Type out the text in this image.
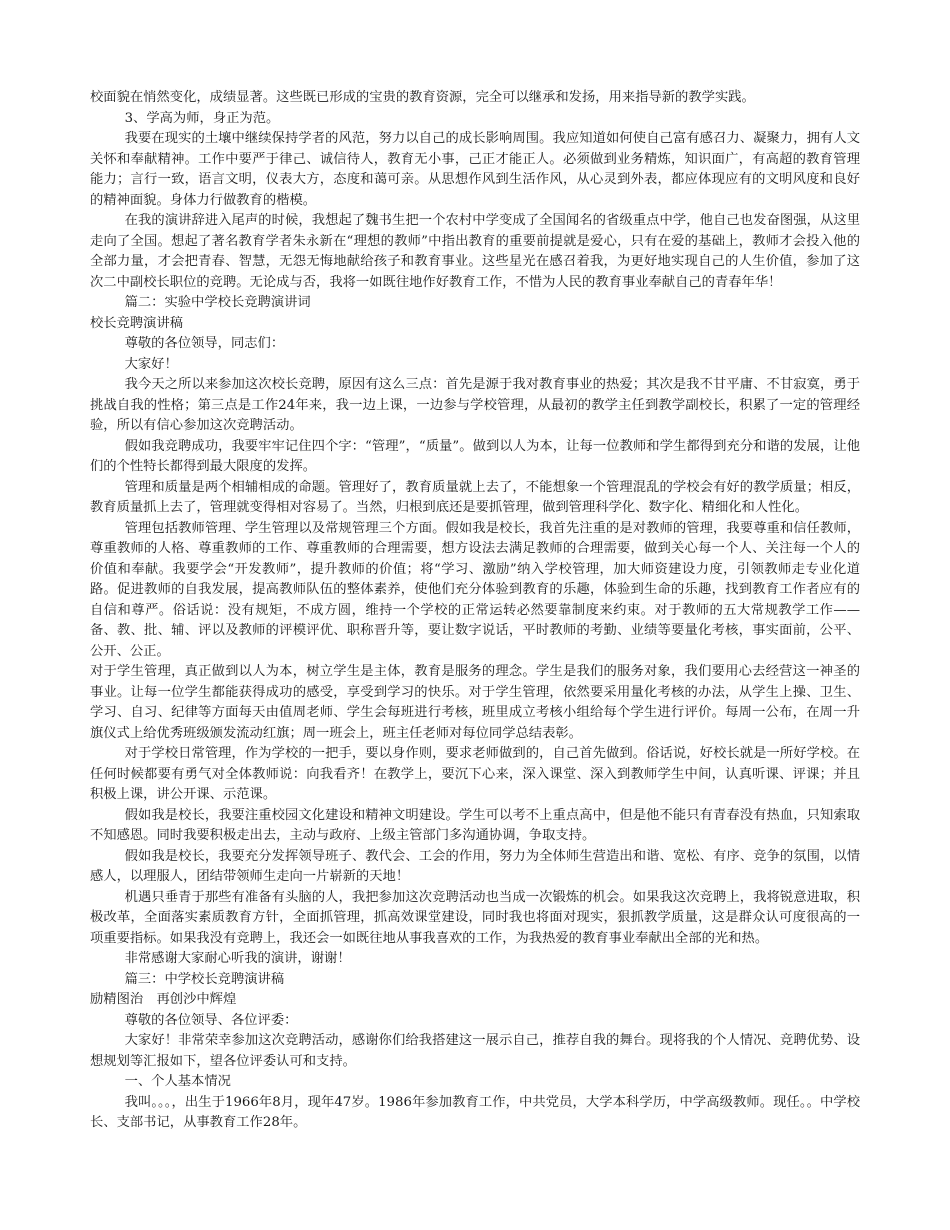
校面貌在悄然变化，成绩显著。这些既已形成的宝贵的教育资源，完全可以继承和发扬，用来指导新的教学实践。

3、学高为师，身正为范。

我要在现实的土壤中继续保持学者的风范，努力以自己的成长影响周围。我应知道如何使自己富有感召力、凝聚力，拥有人文关怀和奉献精神。工作中要严于律己、诚信待人，教育无小事，己正才能正人。必须做到业务精炼，知识面广，有高超的教育管理能力；言行一致，语言文明，仪表大方，态度和蔼可亲。从思想作风到生活作风，从心灵到外表，都应体现应有的文明风度和良好的精神面貌。身体力行做教育的楷模。

在我的演讲辞进入尾声的时候，我想起了魏书生把一个农村中学变成了全国闻名的省级重点中学，他自己也发奋图强，从这里走向了全国。想起了著名教育学者朱永新在“理想的教师”中指出教育的重要前提就是爱心，只有在爱的基础上，教师才会投入他的全部力量，才会把青春、智慧，无怨无悔地献给孩子和教育事业。这些星光在感召着我，为更好地实现自己的人生价值，参加了这次二中副校长职位的竞聘。无论成与否，我将一如既往地作好教育工作，不惜为人民的教育事业奉献自己的青春年华！

篇二：实验中学校长竞聘演讲词

校长竞聘演讲稿

尊敬的各位领导，同志们：

大家好！

我今天之所以来参加这次校长竞聘，原因有这么三点：首先是源于我对教育事业的热爱；其次是我不甘平庸、不甘寂寞，勇于挑战自我的性格；第三点是工作24年来，我一边上课，一边参与学校管理，从最初的教学主任到教学副校长，积累了一定的管理经验，所以有信心参加这次竞聘活动。

假如我竞聘成功，我要牢牢记住四个字：“管理”，“质量”。做到以人为本，让每一位教师和学生都得到充分和谐的发展，让他们的个性特长都得到最大限度的发挥。

管理和质量是两个相辅相成的命题。管理好了，教育质量就上去了，不能想象一个管理混乱的学校会有好的教学质量；相反，教育质量抓上去了，管理就变得相对容易了。当然，归根到底还是要抓管理，做到管理科学化、数字化、精细化和人性化。

管理包括教师管理、学生管理以及常规管理三个方面。假如我是校长，我首先注重的是对教师的管理，我要尊重和信任教师，尊重教师的人格、尊重教师的工作、尊重教师的合理需要，想方设法去满足教师的合理需要，做到关心每一个人、关注每一个人的价值和奉献。我要学会“开发教师”，提升教师的价值；将“学习、激励”纳入学校管理，加大师资建设力度，引领教师走专业化道路。促进教师的自我发展，提高教师队伍的整体素养，使他们充分体验到教育的乐趣，体验到生命的乐趣，找到教育工作者应有的自信和尊严。俗话说：没有规矩，不成方圆，维持一个学校的正常运转必然要靠制度来约束。对于教师的五大常规教学工作——备、教、批、辅、评以及教师的评模评优、职称晋升等，要让数字说话，平时教师的考勤、业绩等要量化考核，事实面前，公平、公开、公正。

对于学生管理，真正做到以人为本，树立学生是主体，教育是服务的理念。学生是我们的服务对象，我们要用心去经营这一神圣的事业。让每一位学生都能获得成功的感受，享受到学习的快乐。对于学生管理，依然要采用量化考核的办法，从学生上操、卫生、学习、自习、纪律等方面每天由值周老师、学生会每班进行考核，班里成立考核小组给每个学生进行评价。每周一公布，在周一升旗仪式上给优秀班级颁发流动红旗；周一班会上，班主任老师对每位同学总结表彰。

对于学校日常管理，作为学校的一把手，要以身作则，要求老师做到的，自己首先做到。俗话说，好校长就是一所好学校。在任何时候都要有勇气对全体教师说：向我看齐！在教学上，要沉下心来，深入课堂、深入到教师学生中间，认真听课、评课；并且积极上课，讲公开课、示范课。

假如我是校长，我要注重校园文化建设和精神文明建设。学生可以考不上重点高中，但是他不能只有青春没有热血，只知索取不知感恩。同时我要积极走出去，主动与政府、上级主管部门多沟通协调，争取支持。

假如我是校长，我要充分发挥领导班子、教代会、工会的作用，努力为全体师生营造出和谐、宽松、有序、竞争的氛围，以情感人，以理服人，团结带领师生走向一片崭新的天地！

机遇只垂青于那些有准备有头脑的人，我把参加这次竞聘活动也当成一次锻炼的机会。如果我这次竞聘上，我将锐意进取，积极改革，全面落实素质教育方针，全面抓管理，抓高效课堂建设，同时我也将面对现实，狠抓教学质量，这是群众认可度很高的一项重要指标。如果我没有竞聘上，我还会一如既往地从事我喜欢的工作，为我热爱的教育事业奉献出全部的光和热。

非常感谢大家耐心听我的演讲，谢谢！

篇三：中学校长竞聘演讲稿

励精图治　再创沙中辉煌

尊敬的各位领导、各位评委：

大家好！非常荣幸参加这次竞聘活动，感谢你们给我搭建这一展示自己，推荐自我的舞台。现将我的个人情况、竞聘优势、设想规划等汇报如下，望各位评委认可和支持。

一、个人基本情况

我叫。。。，出生于1966年8月，现年47岁。1986年参加教育工作，中共党员，大学本科学历，中学高级教师。现任。。中学校长、支部书记，从事教育工作28年。
